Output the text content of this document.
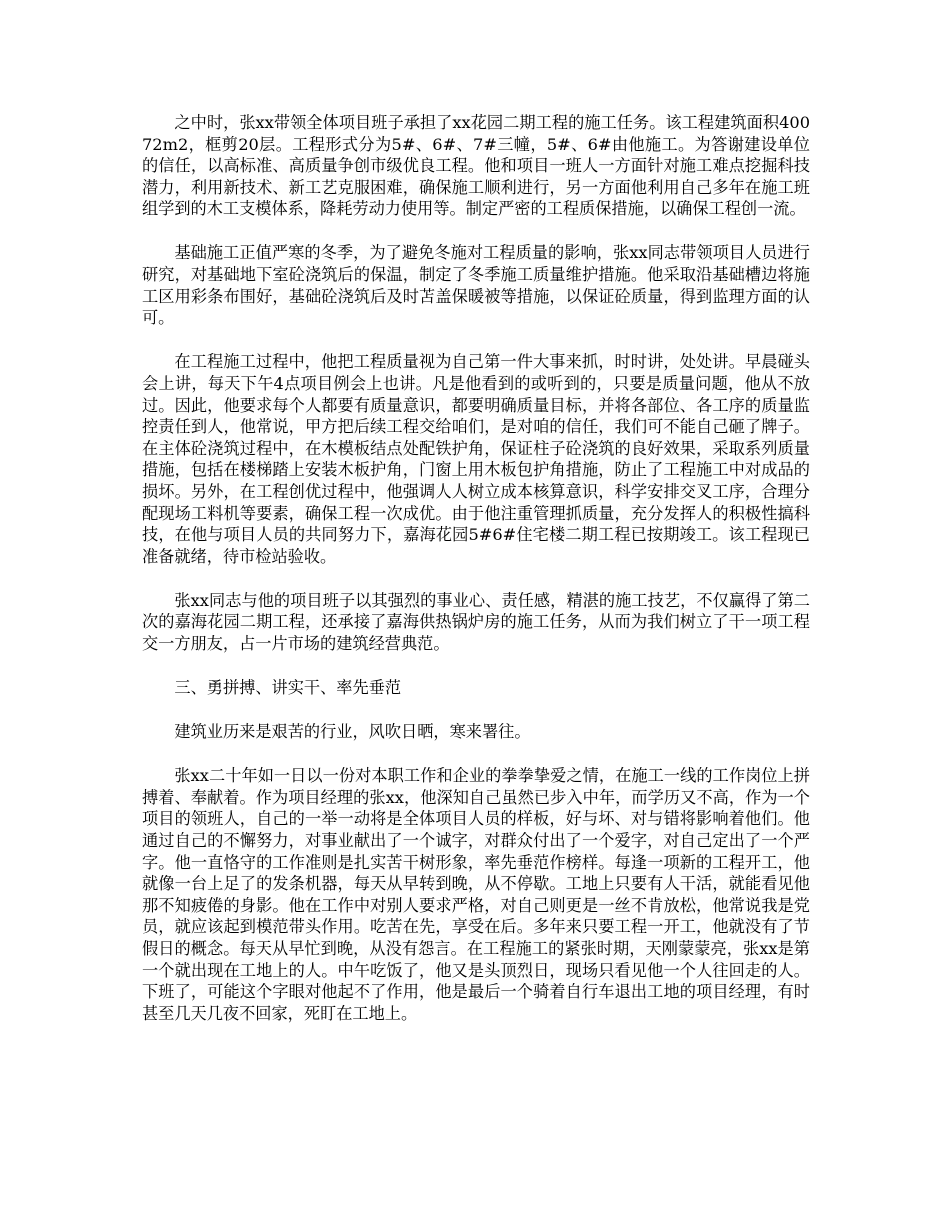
之中时，张xx带领全体项目班子承担了xx花园二期工程的施工任务。该工程建筑面积40072m2，框剪20层。工程形式分为5#、6#、7#三幢，5#、6#由他施工。为答谢建设单位的信任，以高标准、高质量争创市级优良工程。他和项目一班人一方面针对施工难点挖掘科技潜力，利用新技术、新工艺克服困难，确保施工顺利进行，另一方面他利用自己多年在施工班组学到的木工支模体系，降耗劳动力使用等。制定严密的工程质保措施，以确保工程创一流。

基础施工正值严寒的冬季，为了避免冬施对工程质量的影响，张xx同志带领项目人员进行研究，对基础地下室砼浇筑后的保温，制定了冬季施工质量维护措施。他采取沿基础槽边将施工区用彩条布围好，基础砼浇筑后及时苫盖保暖被等措施，以保证砼质量，得到监理方面的认可。

在工程施工过程中，他把工程质量视为自己第一件大事来抓，时时讲，处处讲。早晨碰头会上讲，每天下午4点项目例会上也讲。凡是他看到的或听到的，只要是质量问题，他从不放过。因此，他要求每个人都要有质量意识，都要明确质量目标，并将各部位、各工序的质量监控责任到人，他常说，甲方把后续工程交给咱们，是对咱的信任，我们可不能自己砸了牌子。在主体砼浇筑过程中，在木模板结点处配铁护角，保证柱子砼浇筑的良好效果，采取系列质量措施，包括在楼梯踏上安装木板护角，门窗上用木板包护角措施，防止了工程施工中对成品的损坏。另外，在工程创优过程中，他强调人人树立成本核算意识，科学安排交叉工序，合理分配现场工料机等要素，确保工程一次成优。由于他注重管理抓质量，充分发挥人的积极性搞科技，在他与项目人员的共同努力下，嘉海花园5#6#住宅楼二期工程已按期竣工。该工程现已准备就绪，待市检站验收。

张xx同志与他的项目班子以其强烈的事业心、责任感，精湛的施工技艺，不仅赢得了第二次的嘉海花园二期工程，还承接了嘉海供热锅炉房的施工任务，从而为我们树立了干一项工程交一方朋友，占一片市场的建筑经营典范。

三、勇拼搏、讲实干、率先垂范

建筑业历来是艰苦的行业，风吹日晒，寒来署往。

张xx二十年如一日以一份对本职工作和企业的拳拳挚爱之情，在施工一线的工作岗位上拼搏着、奉献着。作为项目经理的张xx，他深知自己虽然已步入中年，而学历又不高，作为一个项目的领班人，自己的一举一动将是全体项目人员的样板，好与坏、对与错将影响着他们。他通过自己的不懈努力，对事业献出了一个诚字，对群众付出了一个爱字，对自己定出了一个严字。他一直恪守的工作准则是扎实苦干树形象，率先垂范作榜样。每逢一项新的工程开工，他就像一台上足了的发条机器，每天从早转到晚，从不停歇。工地上只要有人干活，就能看见他那不知疲倦的身影。他在工作中对别人要求严格，对自己则更是一丝不肯放松，他常说我是党员，就应该起到模范带头作用。吃苦在先，享受在后。多年来只要工程一开工，他就没有了节假日的概念。每天从早忙到晚，从没有怨言。在工程施工的紧张时期，天刚蒙蒙亮，张xx是第一个就出现在工地上的人。中午吃饭了，他又是头顶烈日，现场只看见他一个人往回走的人。下班了，可能这个字眼对他起不了作用，他是最后一个骑着自行车退出工地的项目经理，有时甚至几天几夜不回家，死盯在工地上。
